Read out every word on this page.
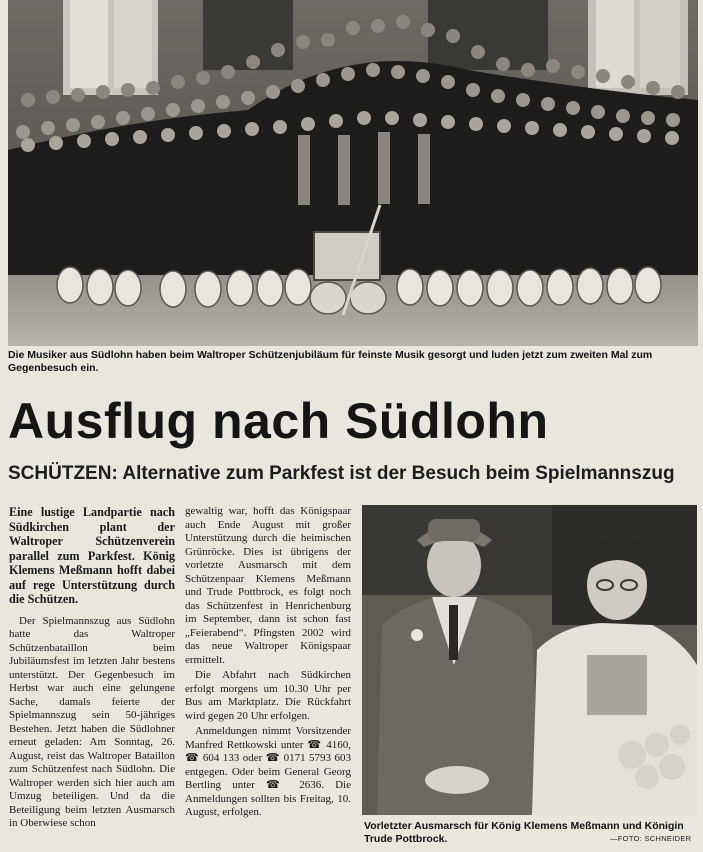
Die Musiker aus Südlohn haben beim Waltroper Schützenjubiläum für feinste Musik gesorgt und luden jetzt zum zweiten Mal zum Gegenbesuch ein.
Ausflug nach Südlohn
SCHÜTZEN: Alternative zum Parkfest ist der Besuch beim Spielmannszug

Eine lustige Landpartie nach Südkirchen plant der Waltroper Schützenverein parallel zum Parkfest. König Klemens Meßmann hofft dabei auf rege Unterstützung durch die Schützen.

Der Spielmannszug aus Südlohn hatte das Waltroper Schützenbataillon beim Jubiläumsfest im letzten Jahr bestens unterstützt. Der Gegenbesuch im Herbst war auch eine gelungene Sache, damals feierte der Spielmannszug sein 50-jähriges Bestehen. Jetzt haben die Südlohner erneut geladen: Am Sonntag, 26. August, reist das Waltroper Bataillon zum Schützenfest nach Südlohn. Die Waltroper werden sich hier auch am Umzug beteiligen. Und da die Beteiligung beim letzten Ausmarsch in Oberwiese schon

gewaltig war, hofft das Königspaar auch Ende August mit großer Unterstützung durch die heimischen Grünröcke. Dies ist übrigens der vorletzte Ausmarsch mit dem Schützenpaar Klemens Meßmann und Trude Pottbrock, es folgt noch das Schützenfest in Henrichenburg im September, dann ist schon fast „Feierabend“. Pfingsten 2002 wird das neue Waltroper Königspaar ermittelt.

Die Abfahrt nach Südkirchen erfolgt morgens um 10.30 Uhr per Bus am Marktplatz. Die Rückfahrt wird gegen 20 Uhr erfolgen.

Anmeldungen nimmt Vorsitzender Manfred Rettkowski unter ☎ 4160, ☎ 604 133 oder ☎ 0171 5793 603 entgegen. Oder beim General Georg Bertling unter ☎ 2636. Die Anmeldungen sollten bis Freitag, 10. August, erfolgen.

Vorletzter Ausmarsch für König Klemens Meßmann und Königin Trude Pottbrock.	—FOTO: SCHNEIDER
